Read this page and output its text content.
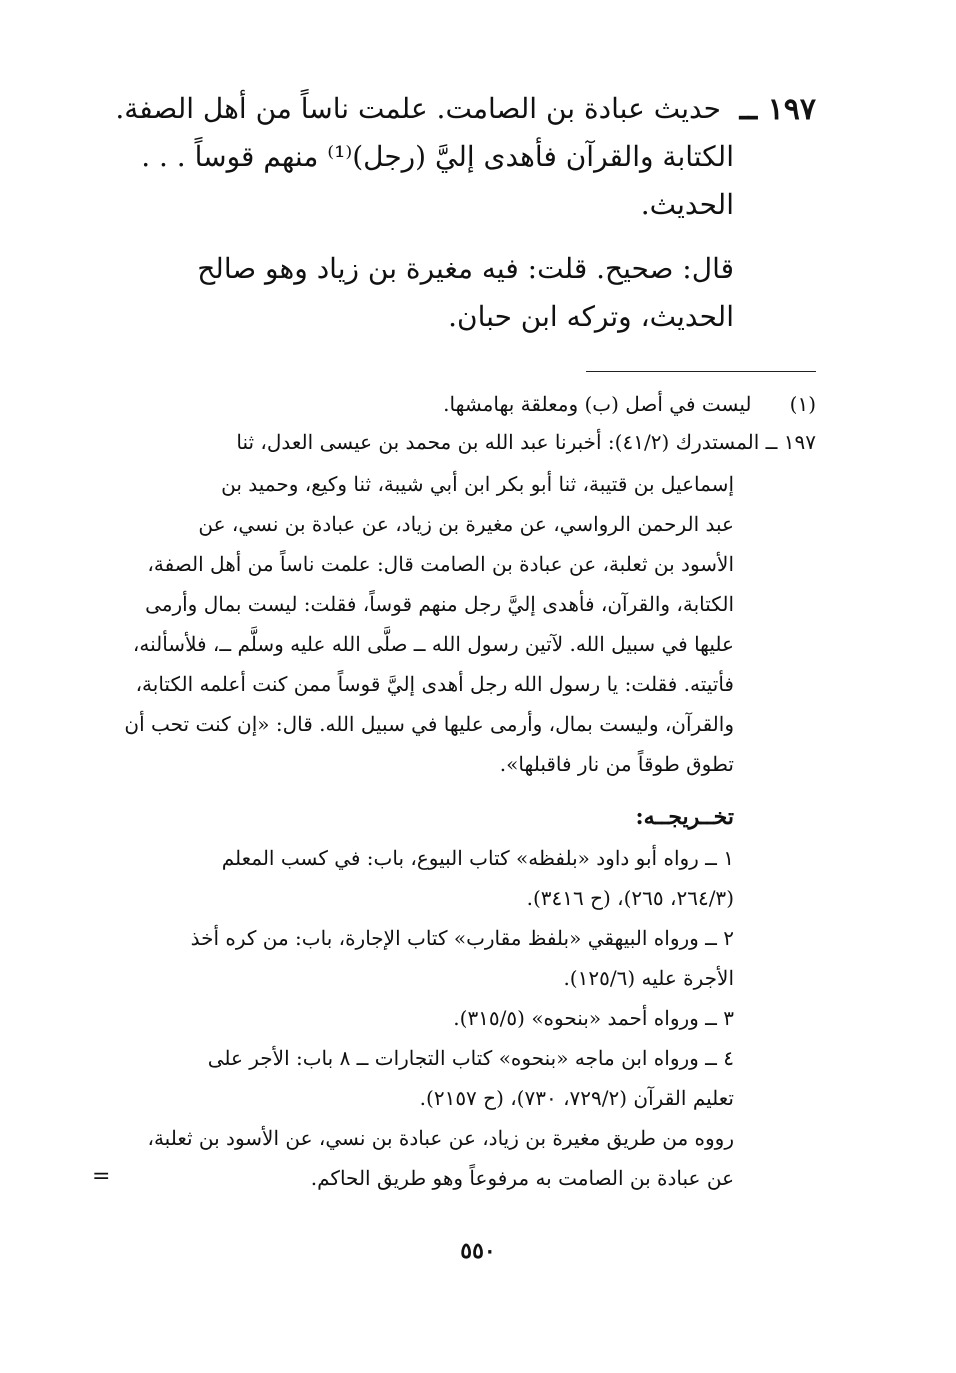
١٩٧ ــ
حديث عبادة بن الصامت. علمت ناساً من أهل الصفة.
الكتابة والقرآن فأهدى إليَّ (رجل)⁽¹⁾ منهم قوساً . . .
الحديث.
قال: صحيح. قلت: فيه مغيرة بن زياد وهو صالح
الحديث، وتركه ابن حبان.
(١)      ليست في أصل (ب) ومعلقة بهامشها.
١٩٧ ــ المستدرك (٤١/٢): أخبرنا عبد الله بن محمد بن عيسى العدل، ثنا
إسماعيل بن قتيبة، ثنا أبو بكر ابن أبي شيبة، ثنا وكيع، وحميد بن
عبد الرحمن الرواسي، عن مغيرة بن زياد، عن عبادة بن نسي، عن
الأسود بن ثعلبة، عن عبادة بن الصامت قال: علمت ناساً من أهل الصفة،
الكتابة، والقرآن، فأهدى إليَّ رجل منهم قوساً، فقلت: ليست بمال وأرمى
عليها في سبيل الله. لآتين رسول الله ــ صلَّى الله عليه وسلَّم ــ، فلأسألنه،
فأتيته. فقلت: يا رسول الله رجل أهدى إليَّ قوساً ممن كنت أعلمه الكتابة،
والقرآن، وليست بمال، وأرمى عليها في سبيل الله. قال: «إن كنت تحب أن
تطوق طوقاً من نار فاقبلها».
تخــريجــه:
١ ــ رواه أبو داود «بلفظه» كتاب البيوع، باب: في كسب المعلم
(٢٦٤/٣، ٢٦٥)، (ح ٣٤١٦).
٢ ــ ورواه البيهقي «بلفظ مقارب» كتاب الإجارة، باب: من كره أخذ
الأجرة عليه (١٢٥/٦).
٣ ــ ورواه أحمد «بنحوه» (٣١٥/٥).
٤ ــ ورواه ابن ماجه «بنحوه» كتاب التجارات ــ ٨ باب: الأجر على
تعليم القرآن (٧٢٩/٢، ٧٣٠)، (ح ٢١٥٧).
رووه من طريق مغيرة بن زياد، عن عبادة بن نسي، عن الأسود بن ثعلبة،
عن عبادة بن الصامت به مرفوعاً وهو طريق الحاكم.
=
٥٥٠
